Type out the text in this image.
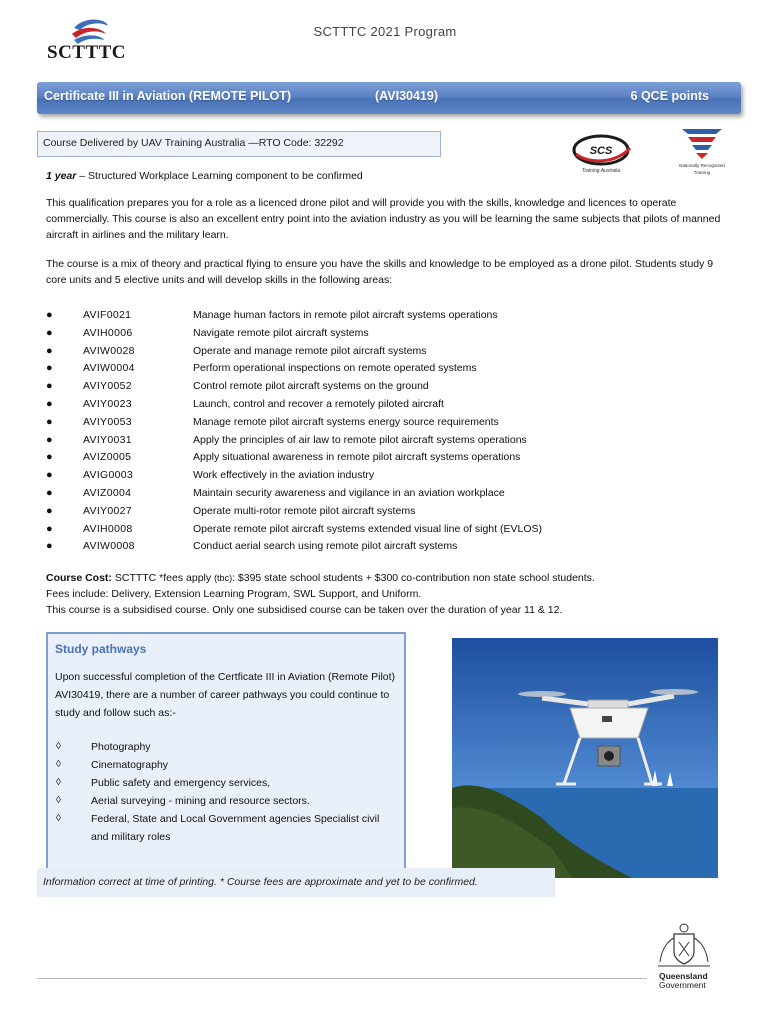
SCTTTC
SCTTTC 2021 Program
Certificate III in Aviation (REMOTE PILOT)	(AVI30419)	6 QCE points
Course Delivered by UAV Training Australia —RTO Code: 32292
SCS
Training Australia
Nationally Recognised
Training
1 year – Structured Workplace Learning component to be confirmed
This qualification prepares you for a role as a licenced drone pilot and will provide you with the skills, knowledge and licences to operate commercially. This course is also an excellent entry point into the aviation industry as you will be learning the same subjects that pilots of manned aircraft in airlines and the military learn.
The course is a mix of theory and practical flying to ensure you have the skills and knowledge to be employed as a drone pilot. Students study 9 core units and 5 elective units and will develop skills in the following areas:
●	AVIF0021	Manage human factors in remote pilot aircraft systems operations
●	AVIH0006	Navigate remote pilot aircraft systems
●	AVIW0028	Operate and manage remote pilot aircraft systems
●	AVIW0004	Perform operational inspections on remote operated systems
●	AVIY0052	Control remote pilot aircraft systems on the ground
●	AVIY0023	Launch, control and recover a remotely piloted aircraft
●	AVIY0053	Manage remote pilot aircraft systems energy source requirements
●	AVIY0031	Apply the principles of air law to remote pilot aircraft systems operations
●	AVIZ0005	Apply situational awareness in remote pilot aircraft systems operations
●	AVIG0003	Work effectively in the aviation industry
●	AVIZ0004	Maintain security awareness and vigilance in an aviation workplace
●	AVIY0027	Operate multi-rotor remote pilot aircraft systems
●	AVIH0008	Operate remote pilot aircraft systems extended visual line of sight (EVLOS)
●	AVIW0008	Conduct aerial search using remote pilot aircraft systems
Course Cost: SCTTTC *fees apply (tbc): $395 state school students + $300 co-contribution non state school students.
Fees include: Delivery, Extension Learning Program, SWL Support, and Uniform.
This course is a subsidised course. Only one subsidised course can be taken over the duration of year 11 & 12.
Study pathways
Upon successful completion of the Certficate III in Aviation (Remote Pilot) AVI30419, there are a number of career pathways you could continue to study and follow such as:-
◊	Photography
◊	Cinematography
◊	Public safety and emergency services,
◊	Aerial surveying - mining and resource sectors.
◊	Federal, State and Local Government agencies Specialist civil and military roles
Information correct at time of printing. * Course fees are approximate and yet to be confirmed.
Queensland
Government
